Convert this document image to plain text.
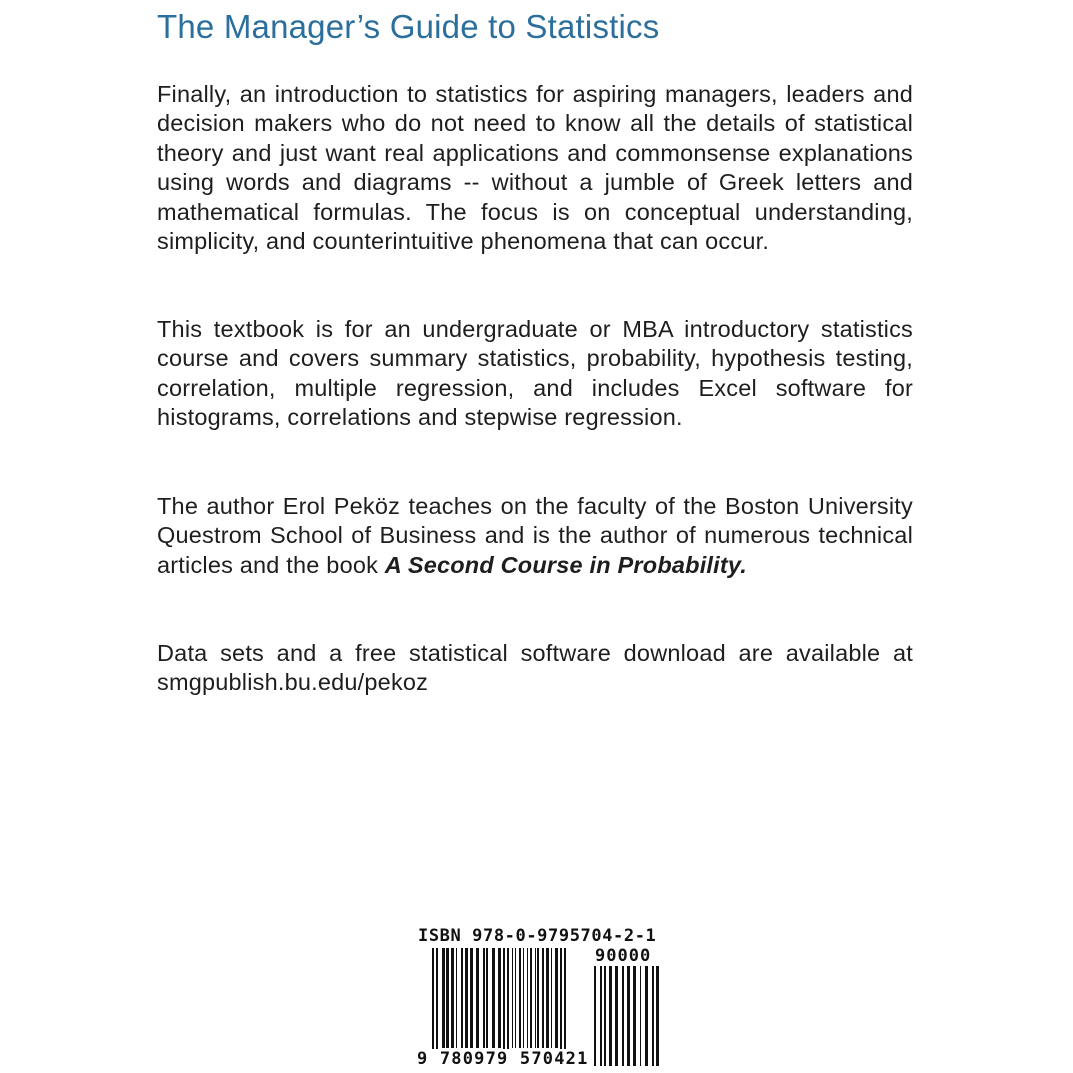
The Manager’s Guide to Statistics

Finally, an introduction to statistics for aspiring managers, leaders and decision makers who do not need to know all the details of statistical theory and just want real applications and commonsense explanations using words and diagrams -- without a jumble of Greek letters and mathematical formulas. The focus is on conceptual understanding, simplicity, and counterintuitive phenomena that can occur.

This textbook is for an undergraduate or MBA introductory statistics course and covers summary statistics, probability, hypothesis testing, correlation, multiple regression, and includes Excel software for histograms, correlations and stepwise regression.

The author Erol Peköz teaches on the faculty of the Boston University Questrom School of Business and is the author of numerous technical articles and the book A Second Course in Probability.

Data sets and a free statistical software download are available at smgpublish.bu.edu/pekoz

ISBN 978-0-9795704-2-1
90000
9 780979 570421
